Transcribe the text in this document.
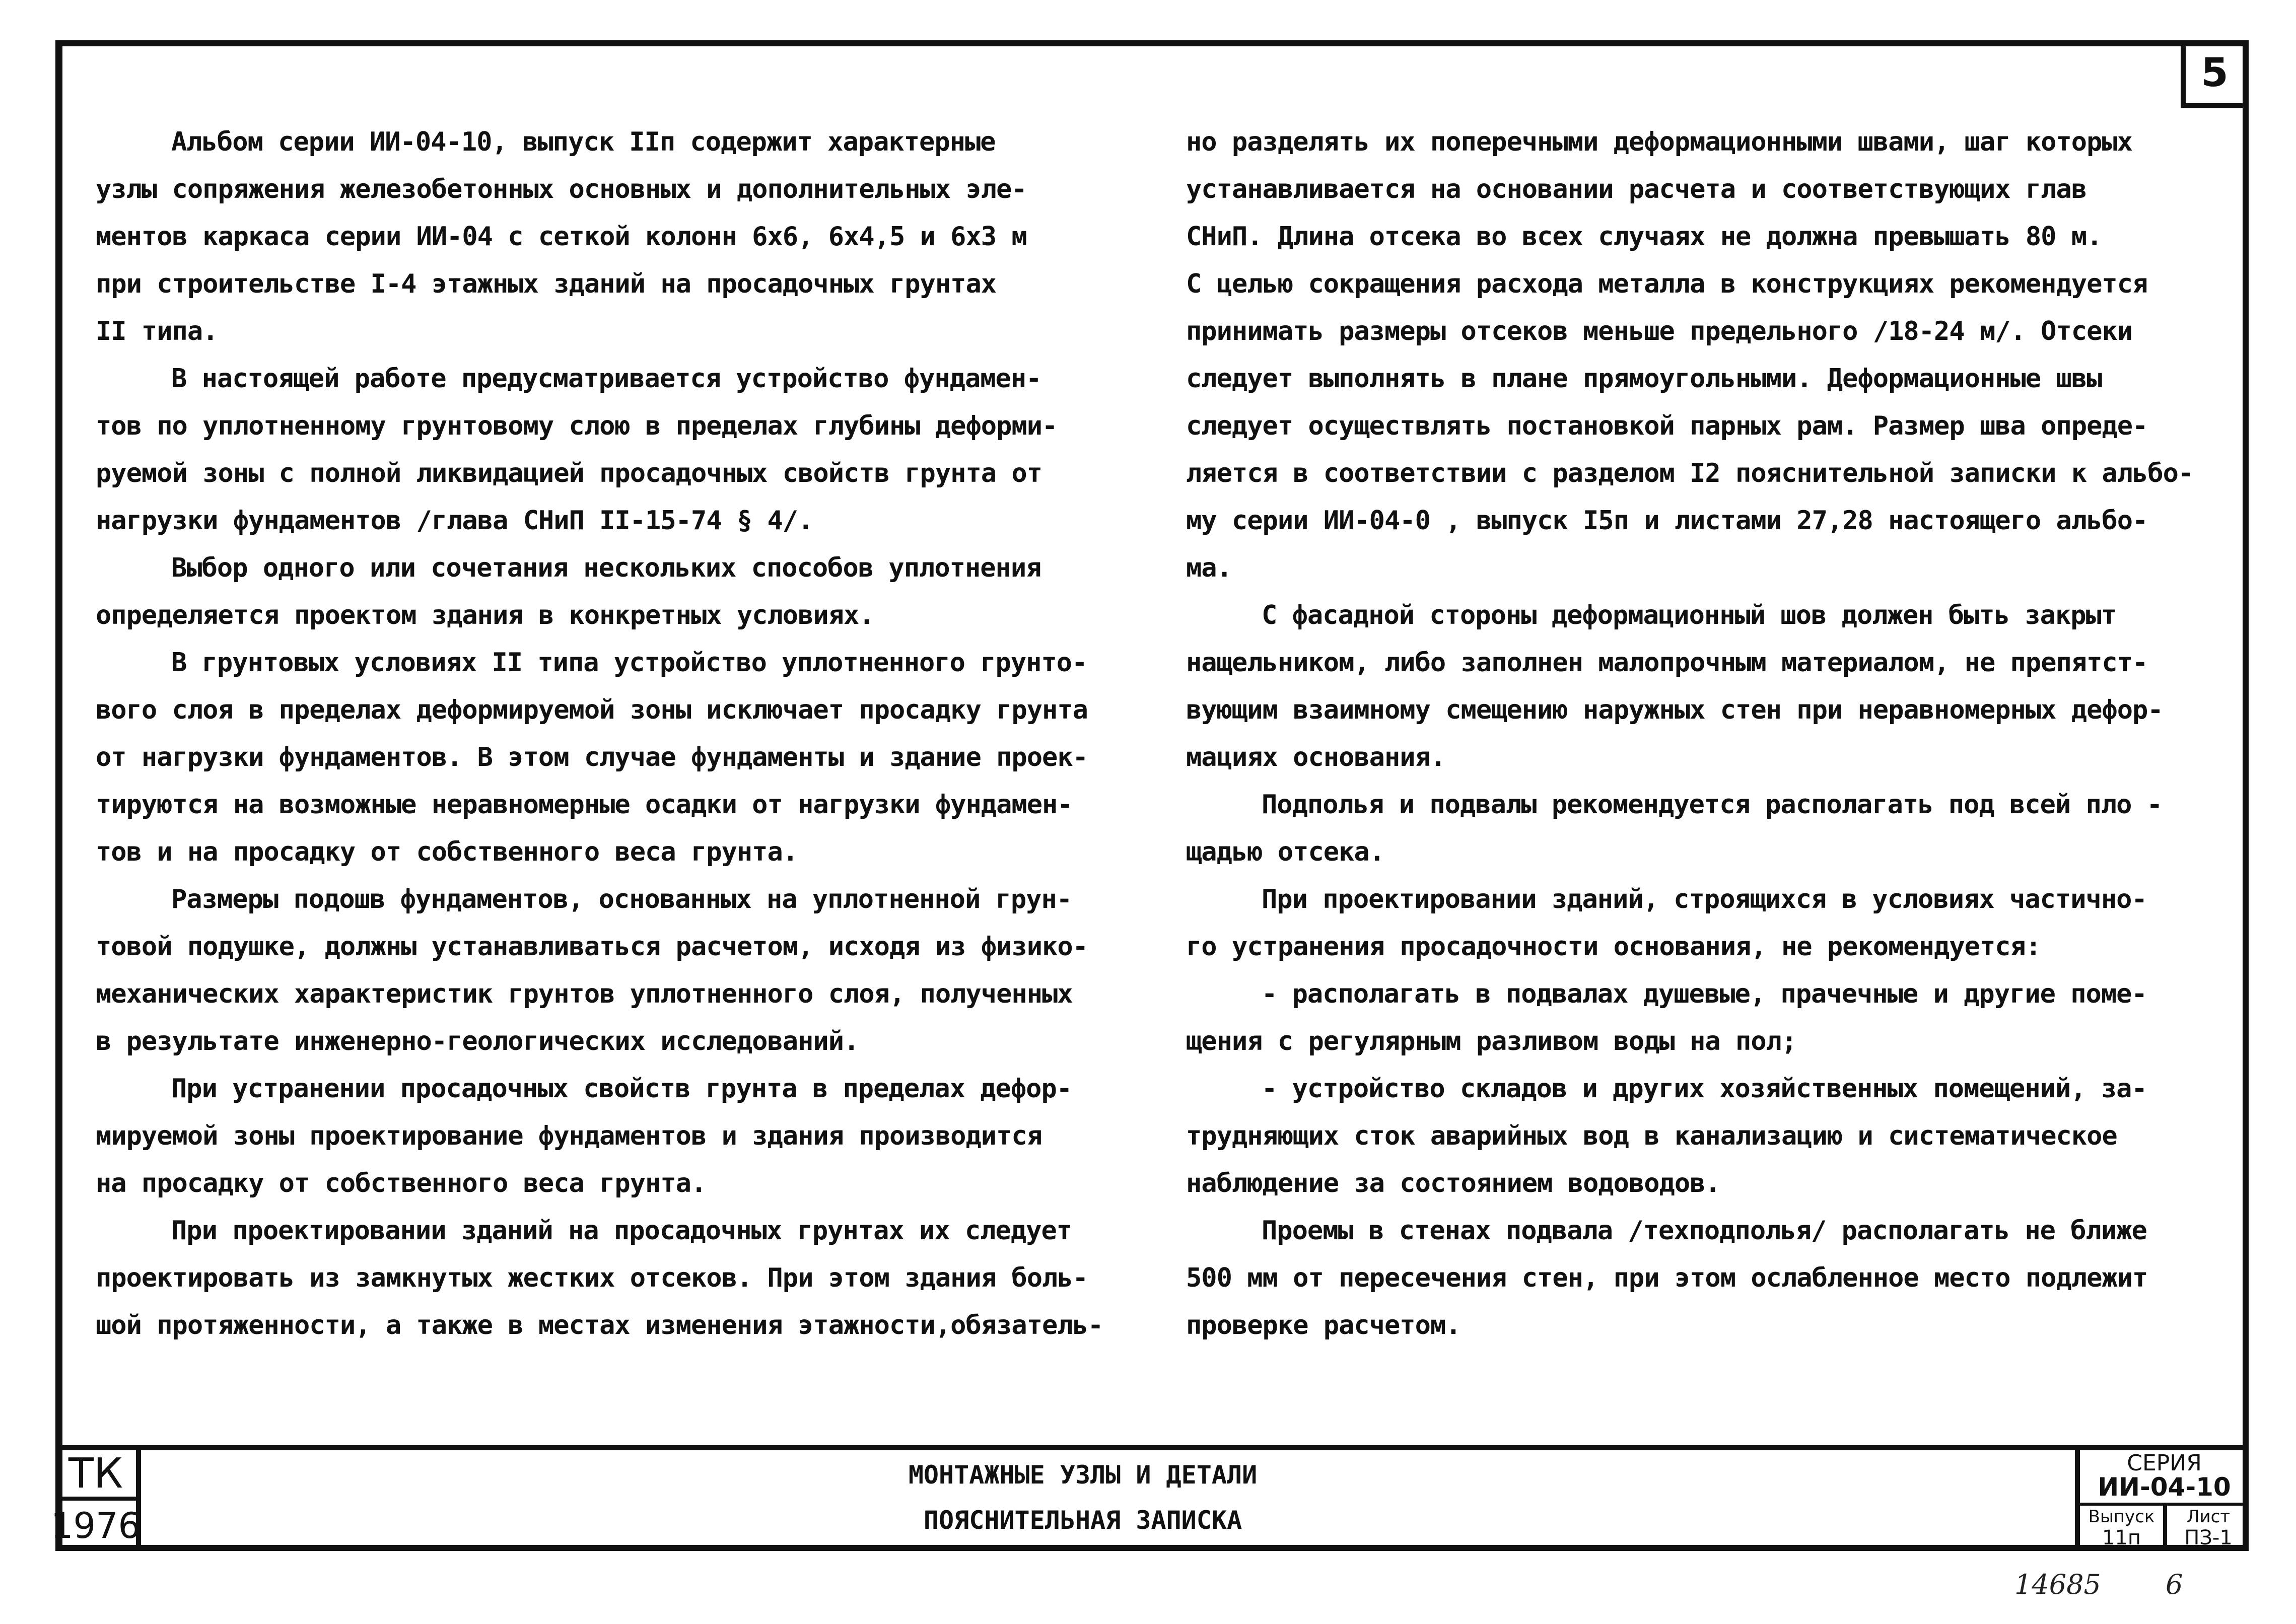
5
Альбом серии ИИ-04-10, выпуск IIп содержит характерные
узлы сопряжения железобетонных основных и дополнительных эле-
ментов каркаса серии ИИ-04 с сеткой колонн 6х6, 6х4,5 и 6х3 м
при строительстве I-4 этажных зданий на просадочных грунтах
II типа.
В настоящей работе предусматривается устройство фундамен-
тов по уплотненному грунтовому слою в пределах глубины деформи-
руемой зоны с полной ликвидацией просадочных свойств грунта от
нагрузки фундаментов /глава СНиП II-15-74 § 4/.
Выбор одного или сочетания нескольких способов уплотнения
определяется проектом здания в конкретных условиях.
В грунтовых условиях II типа устройство уплотненного грунто-
вого слоя в пределах деформируемой зоны исключает просадку грунта
от нагрузки фундаментов. В этом случае фундаменты и здание проек-
тируются на возможные неравномерные осадки от нагрузки фундамен-
тов и на просадку от собственного веса грунта.
Размеры подошв фундаментов, основанных на уплотненной грун-
товой подушке, должны устанавливаться расчетом, исходя из физико-
механических характеристик грунтов уплотненного слоя, полученных
в результате инженерно-геологических исследований.
При устранении просадочных свойств грунта в пределах дефор-
мируемой зоны проектирование фундаментов и здания производится
на просадку от собственного веса грунта.
При проектировании зданий на просадочных грунтах их следует
проектировать из замкнутых жестких отсеков. При этом здания боль-
шой протяженности, а также в местах изменения этажности,обязатель-
но разделять их поперечными деформационными швами, шаг которых
устанавливается на основании расчета и соответствующих глав
СНиП. Длина отсека во всех случаях не должна превышать 80 м.
С целью сокращения расхода металла в конструкциях рекомендуется
принимать размеры отсеков меньше предельного /18-24 м/. Отсеки
следует выполнять в плане прямоугольными. Деформационные швы
следует осуществлять постановкой парных рам. Размер шва опреде-
ляется в соответствии с разделом I2 пояснительной записки к альбо-
му серии ИИ-04-0 , выпуск I5п и листами 27,28 настоящего альбо-
ма.
С фасадной стороны деформационный шов должен быть закрыт
нащельником, либо заполнен малопрочным материалом, не препятст-
вующим взаимному смещению наружных стен при неравномерных дефор-
мациях основания.
Подполья и подвалы рекомендуется располагать под всей пло -
щадью отсека.
При проектировании зданий, строящихся в условиях частично-
го устранения просадочности основания, не рекомендуется:
- располагать в подвалах душевые, прачечные и другие поме-
щения с регулярным разливом воды на пол;
- устройство складов и других хозяйственных помещений, за-
трудняющих сток аварийных вод в канализацию и систематическое
наблюдение за состоянием водоводов.
Проемы в стенах подвала /техподполья/ располагать не ближе
500 мм от пересечения стен, при этом ослабленное место подлежит
проверке расчетом.
ТК
1976
МОНТАЖНЫЕ УЗЛЫ И ДЕТАЛИ
ПОЯСНИТЕЛЬНАЯ ЗАПИСКА
СЕРИЯ
ИИ-04-10
Выпуск
11п
Лист
ПЗ-1
14685 6
